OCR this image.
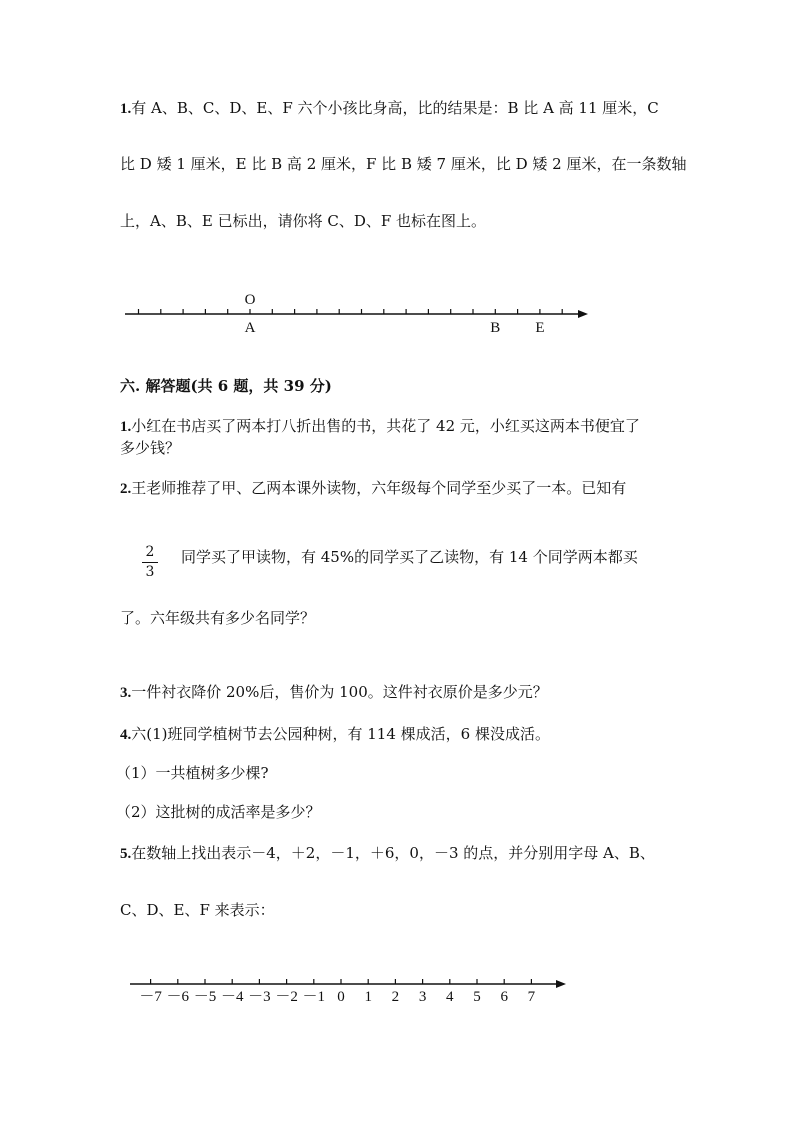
1.有 A、B、C、D、E、F 六个小孩比身高，比的结果是：B 比 A 高 11 厘米，C
比 D 矮 1 厘米，E 比 B 高 2 厘米，F 比 B 矮 7 厘米，比 D 矮 2 厘米，在一条数轴
上，A、B、E 已标出，请你将 C、D、F 也标在图上。
O
A	B E
六. 解答题(共 6 题，共 39 分)
1.小红在书店买了两本打八折出售的书，共花了 42 元，小红买这两本书便宜了
多少钱？
2.王老师推荐了甲、乙两本课外读物，六年级每个同学至少买了一本。已知有
2
3
同学买了甲读物，有 45%的同学买了乙读物，有 14 个同学两本都买
了。六年级共有多少名同学？
3.一件衬衣降价 20%后，售价为 100。这件衬衣原价是多少元？
4.六(1)班同学植树节去公园种树，有 114 棵成活，6 棵没成活。
（1）一共植树多少棵?
（2）这批树的成活率是多少？
5.在数轴上找出表示－4，＋2，－1，＋6，0，－3 的点，并分别用字母 A、B、
C、D、E、F 来表示：
－7 －6 －5 －4 －3 －2 －1 0 1 2 3 4 5 6 7
